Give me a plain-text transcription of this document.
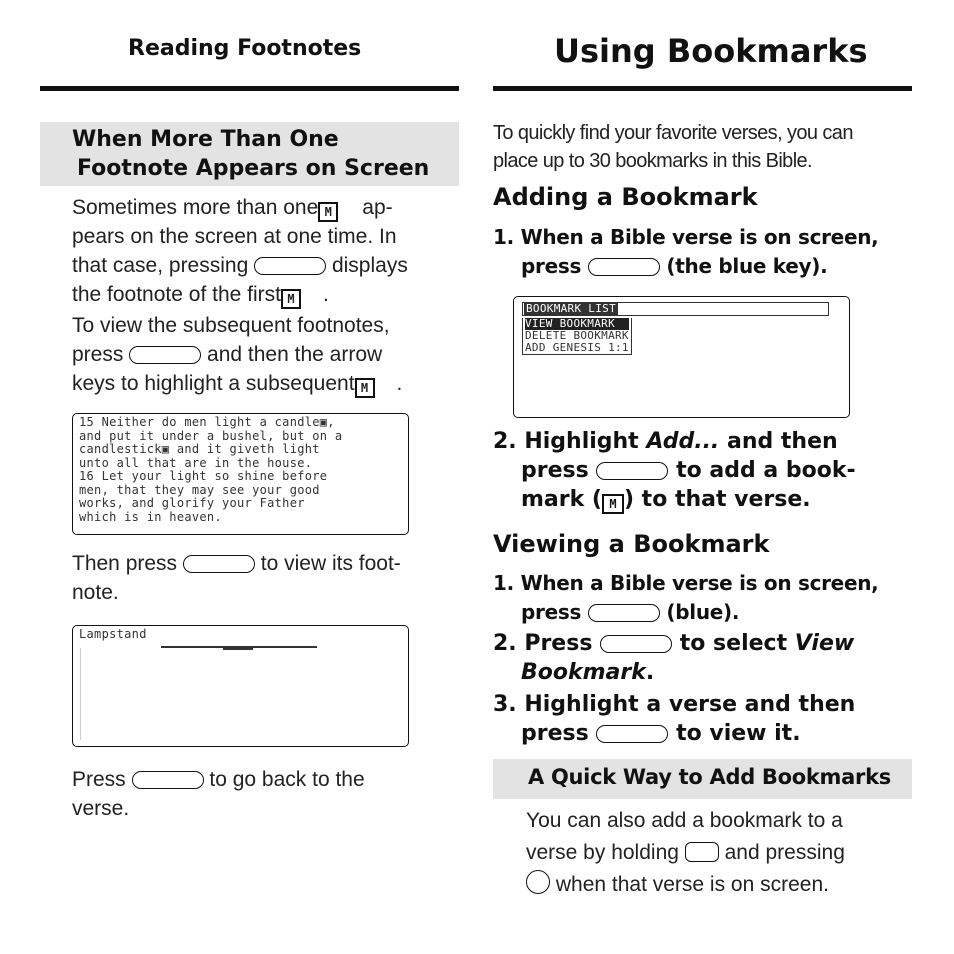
Reading Footnotes
When More Than One
Footnote Appears on Screen
Sometimes more than one M ap-
pears on the screen at one time. In
that case, pressing	displays
the footnote of the first M .
To view the subsequent footnotes,
press	and then the arrow
keys to highlight a subsequent M .
15 Neither do men light a candle▣,
and put it under a bushel, but on a
candlestick▣ and it giveth light
unto all that are in the house.
16 Let your light so shine before
men, that they may see your good
works, and glorify your Father
which is in heaven.
Then press	to view its foot-
note.
Lampstand
Press	to go back to the
verse.
Using Bookmarks
To quickly find your favorite verses, you can
place up to 30 bookmarks in this Bible.
Adding a Bookmark
1. When a Bible verse is on screen,
press	(the blue key).
BOOKMARK LIST
VIEW BOOKMARK
DELETE BOOKMARK
ADD GENESIS 1:1
2. Highlight Add... and then
press	to add a book-
mark ( M ) to that verse.
Viewing a Bookmark
1. When a Bible verse is on screen,
press	(blue).
2. Press	to select View
Bookmark.
3. Highlight a verse and then
press	to view it.
A Quick Way to Add Bookmarks
You can also add a bookmark to a
verse by holding and pressing
when that verse is on screen.
